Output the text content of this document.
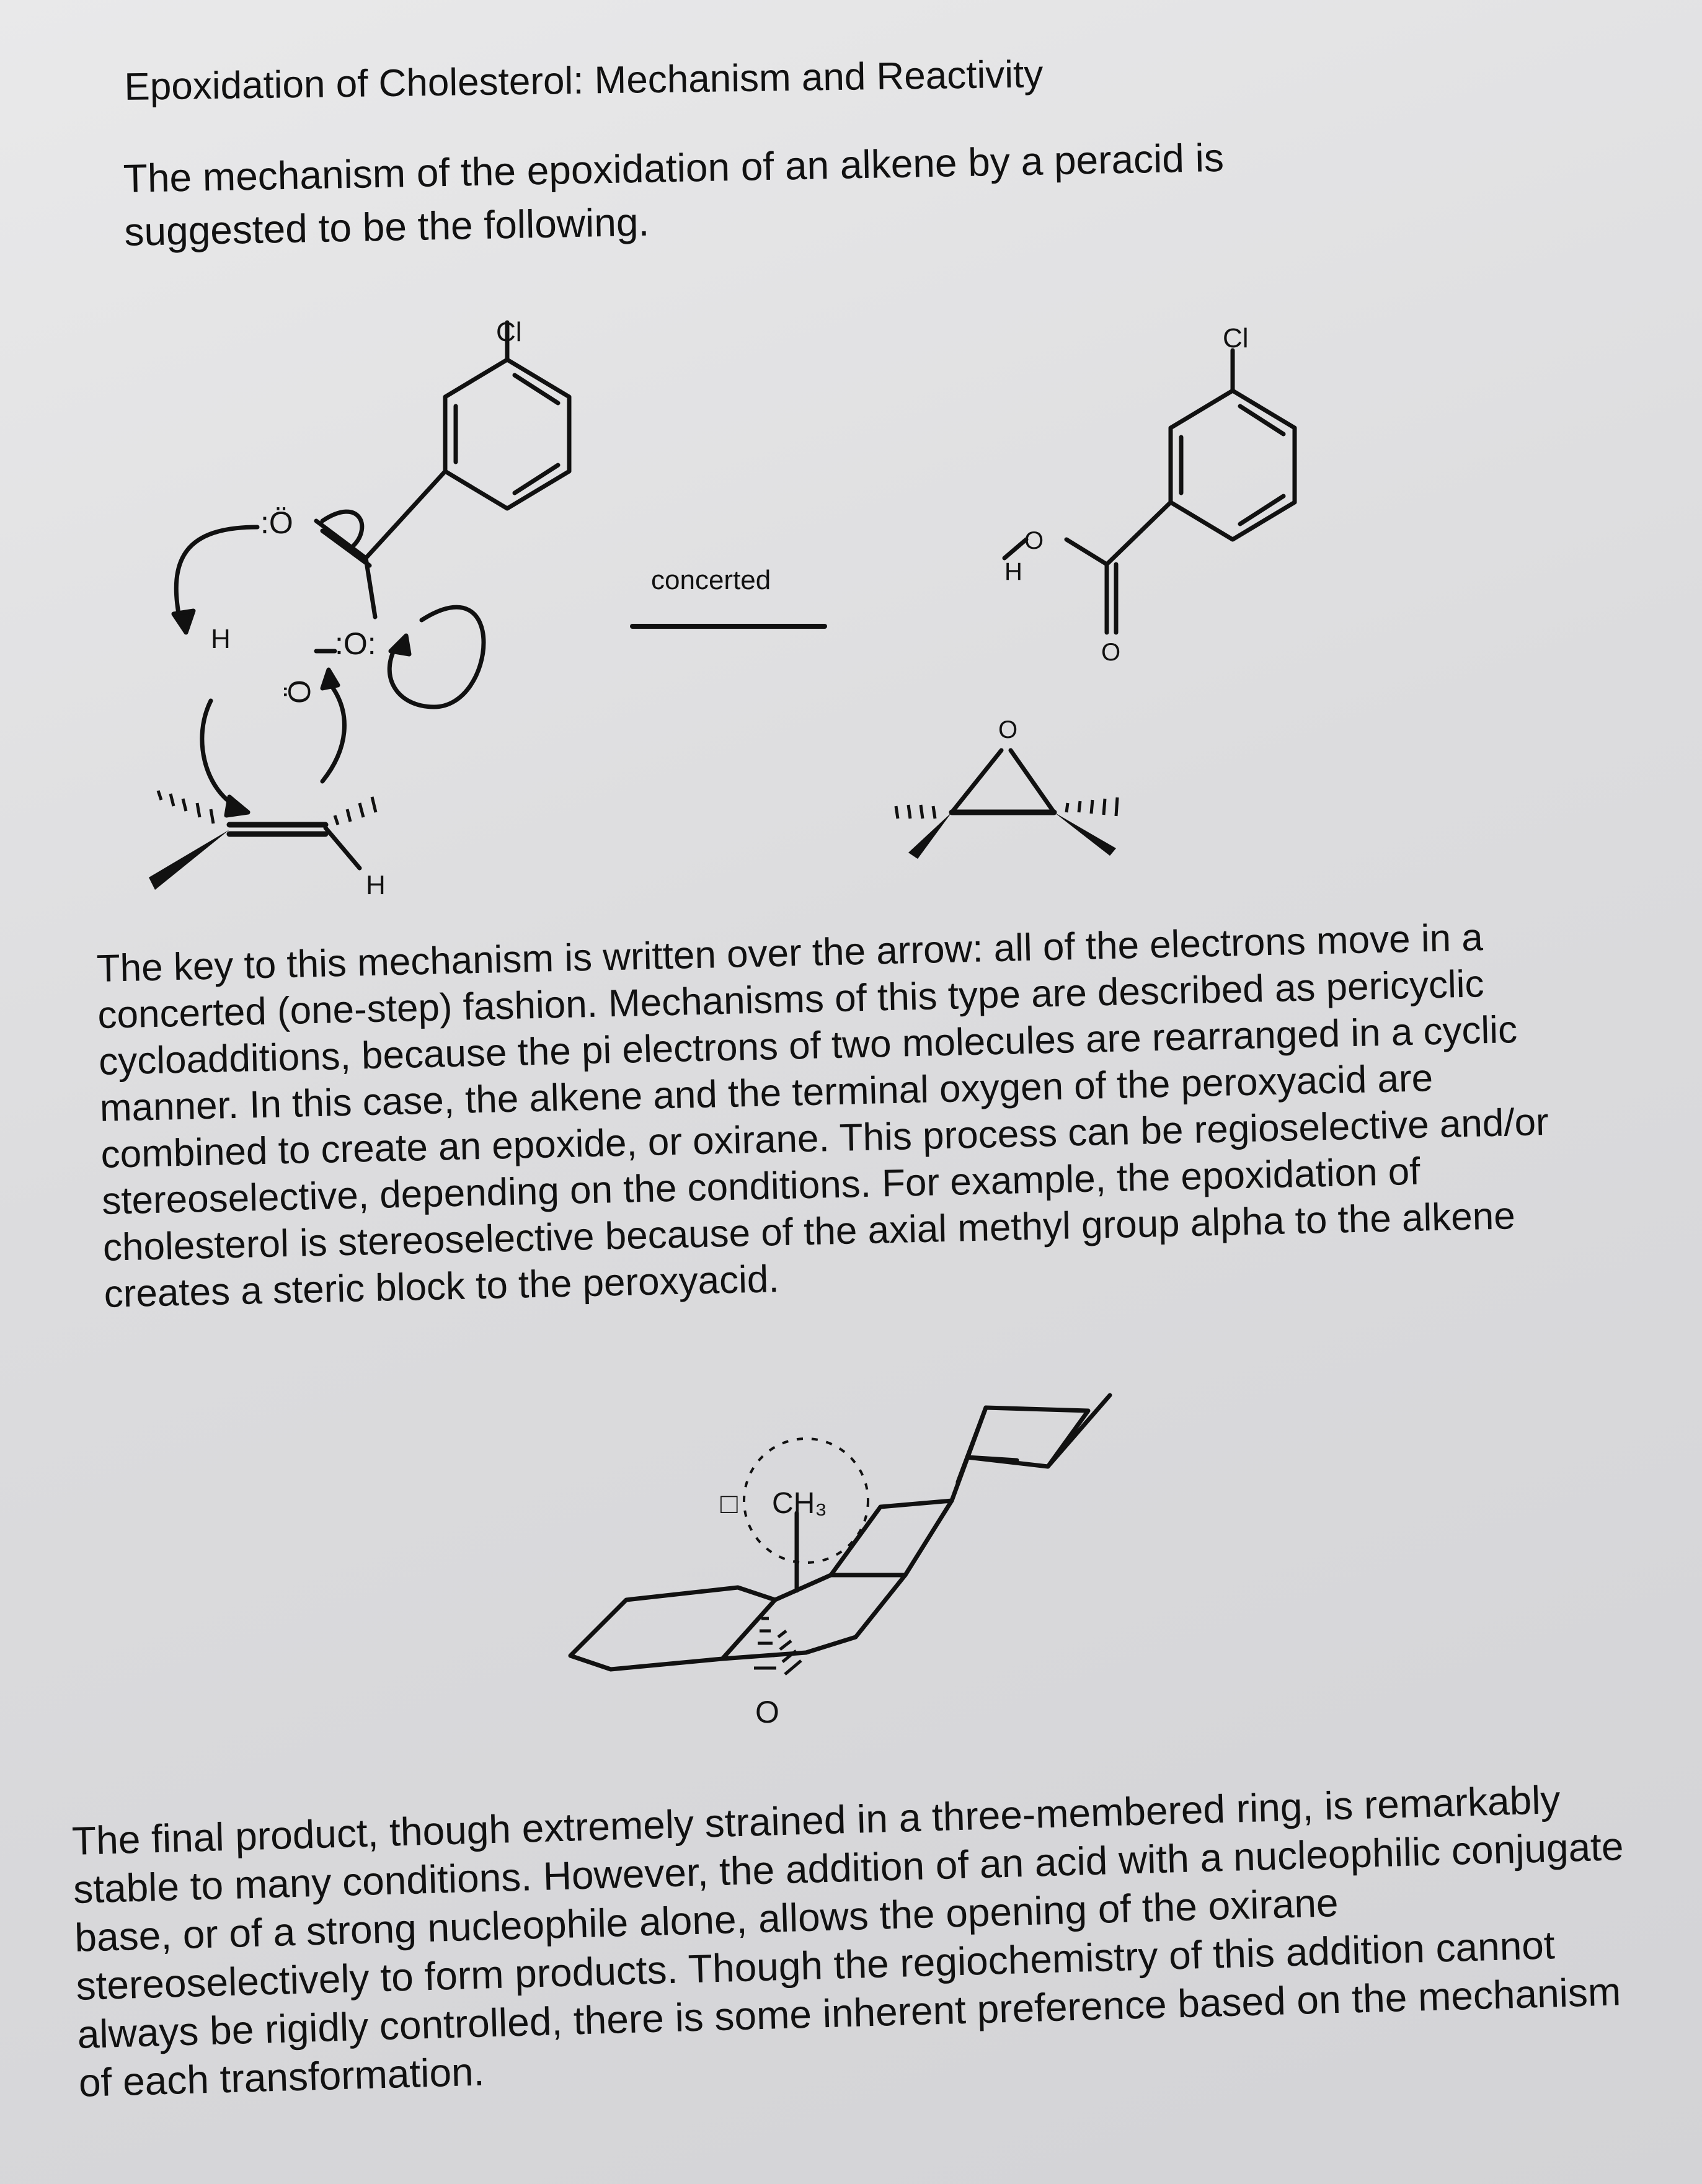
Epoxidation of Cholesterol: Mechanism and Reactivity
The mechanism of the epoxidation of an alkene by a peracid is suggested to be the following.
Cl
:Ö
:O:
Ö
H
H
concerted
Cl
H
O
O
O
The key to this mechanism is written over the arrow: all of the electrons move in a concerted (one-step) fashion. Mechanisms of this type are described as pericyclic cycloadditions, because the pi electrons of two molecules are rearranged in a cyclic manner. In this case, the alkene and the terminal oxygen of the peroxyacid are combined to create an epoxide, or oxirane. This process can be regioselective and/or stereoselective, depending on the conditions. For example, the epoxidation of cholesterol is stereoselective because of the axial methyl group alpha to the alkene creates a steric block to the peroxyacid.
□ CH₃
O
The final product, though extremely strained in a three-membered ring, is remarkably stable to many conditions. However, the addition of an acid with a nucleophilic conjugate base, or of a strong nucleophile alone, allows the opening of the oxirane stereoselectively to form products. Though the regiochemistry of this addition cannot always be rigidly controlled, there is some inherent preference based on the mechanism of each transformation.
